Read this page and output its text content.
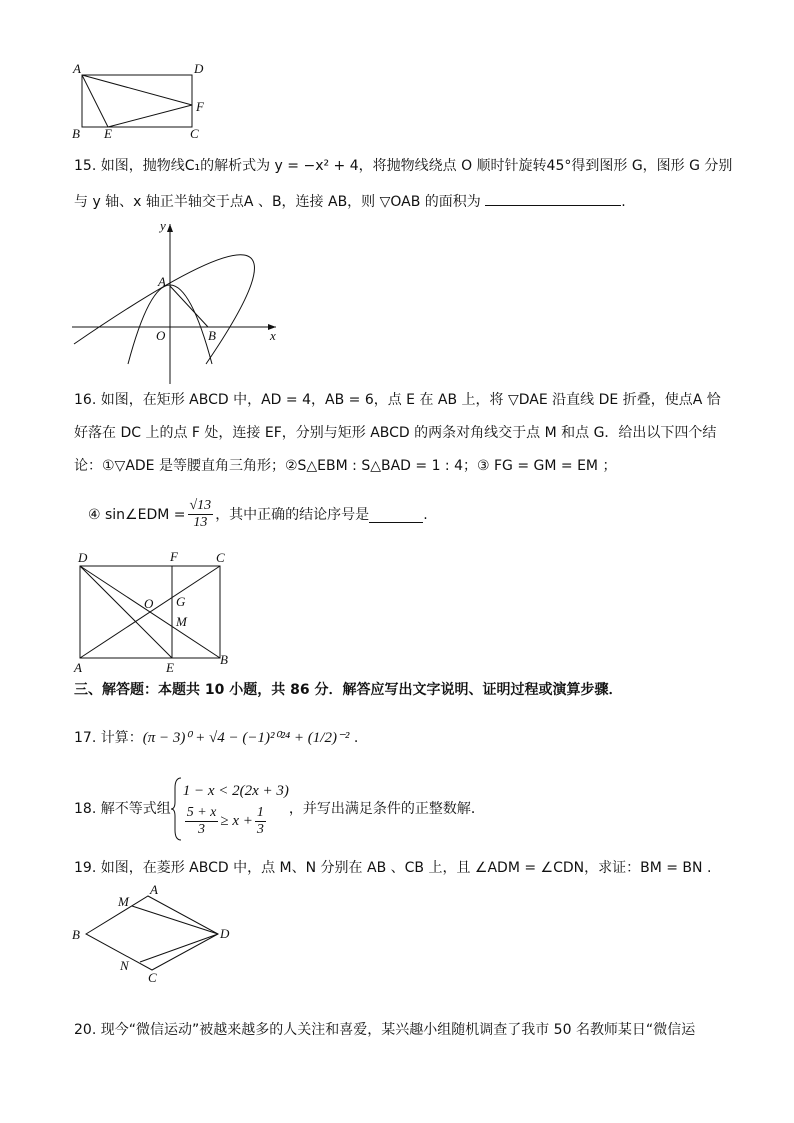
A	D
F
B E	C
15. 如图，抛物线C₁的解析式为 y = −x² + 4，将抛物线绕点 O 顺时针旋转45°得到图形 G，图形 G 分别
与 y 轴、x 轴正半轴交于点A 、B，连接 AB，则 ▽OAB 的面积为	.
y
x
A
O	B
16. 如图，在矩形 ABCD 中，AD = 4，AB = 6，点 E 在 AB 上，将 ▽DAE 沿直线 DE 折叠，使点A 恰
好落在 DC 上的点 F 处，连接 EF，分别与矩形 ABCD 的两条对角线交于点 M 和点 G．给出以下四个结
论：①▽ADE 是等腰直角三角形；②S△EBM : S△BAD = 1 : 4；③ FG = GM = EM ；
④ sin∠EDM = $\frac{√13}{13}$ ，其中正确的结论序号是	.
D	F	C
O G
M
A	E
B
三、解答题：本题共 10 小题，共 86 分．解答应写出文字说明、证明过程或演算步骤．
17. 计算：(π − 3)⁰ + √4 − (−1)²⁰²⁴ + (1/2)⁻² .
18.
解不等式组
1 − x < 2(2x + 3)
$\frac{5 + x}{3} \ge x + \frac{1}{3}$ ，并写出满足条件的正整数解．
19. 如图，在菱形 ABCD 中，点 M、N 分别在 AB 、CB 上，且 ∠ADM = ∠CDN，求证：BM = BN .
A
M
B	D
N
C
20. 现今“微信运动”被越来越多的人关注和喜爱，某兴趣小组随机调查了我市 50 名教师某日“微信运
